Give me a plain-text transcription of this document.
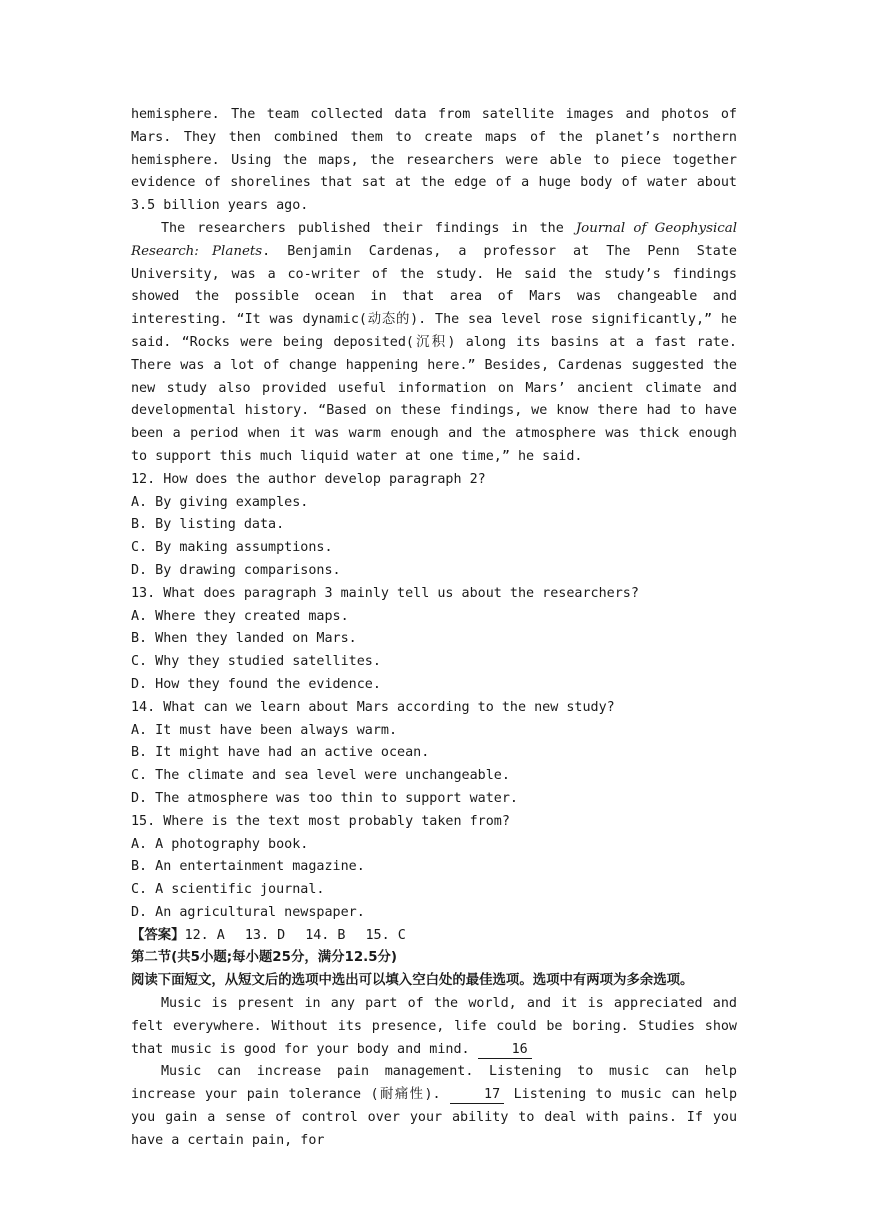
hemisphere. The team collected data from satellite images and photos of Mars. They then combined them to create maps of the planet’s northern hemisphere. Using the maps, the researchers were able to piece together evidence of shorelines that sat at the edge of a huge body of water about 3.5 billion years ago.

The researchers published their findings in the Journal of Geophysical Research: Planets. Benjamin Cardenas, a professor at The Penn State University, was a co-writer of the study. He said the study’s findings showed the possible ocean in that area of Mars was changeable and interesting. “It was dynamic(动态的). The sea level rose significantly,” he said. “Rocks were being deposited(沉积) along its basins at a fast rate. There was a lot of change happening here.” Besides, Cardenas suggested the new study also provided useful information on Mars’ ancient climate and developmental history. “Based on these findings, we know there had to have been a period when it was warm enough and the atmosphere was thick enough to support this much liquid water at one time,” he said.

12. How does the author develop paragraph 2?

A. By giving examples.

B. By listing data.

C. By making assumptions.

D. By drawing comparisons.

13. What does paragraph 3 mainly tell us about the researchers?

A. Where they created maps.

B. When they landed on Mars.

C. Why they studied satellites.

D. How they found the evidence.

14. What can we learn about Mars according to the new study?

A. It must have been always warm.

B. It might have had an active ocean.

C. The climate and sea level were unchangeable.

D. The atmosphere was too thin to support water.

15. Where is the text most probably taken from?

A. A photography book.

B. An entertainment magazine.

C. A scientific journal.

D. An agricultural newspaper.

【答案】12. A 13. D 14. B 15. C

第二节(共5小题;每小题25分，满分12.5分)

阅读下面短文，从短文后的选项中选出可以填入空白处的最佳选项。选项中有两项为多余选项。

Music is present in any part of the world, and it is appreciated and felt everywhere. Without its presence, life could be boring. Studies show that music is good for your body and mind.	16

Music can increase pain management. Listening to music can help increase your pain tolerance (耐痛性).	17 Listening to music can help you gain a sense of control over your ability to deal with pains. If you have a certain pain, for
